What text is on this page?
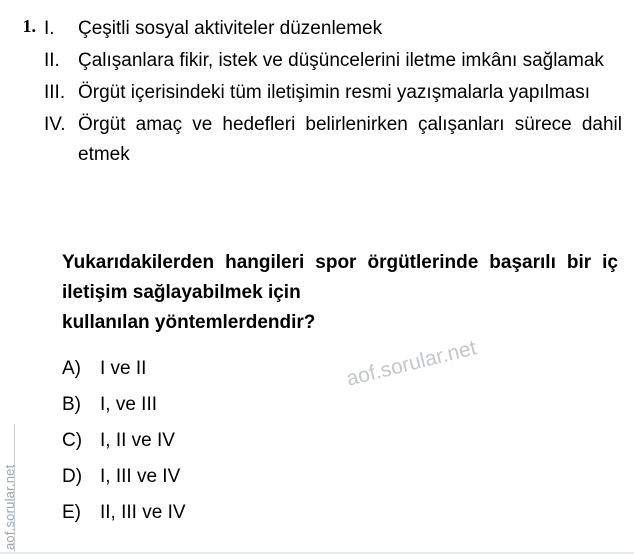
aof.sorular.net
1. I.	Çeşitli sosyal aktiviteler düzenlemek
II. Çalışanlara fikir, istek ve düşüncelerini iletme imkânı sağlamak
III. Örgüt içerisindeki tüm iletişimin resmi yazışmalarla yapılması
IV. Örgüt amaç ve hedefleri belirlenirken çalışanları sürece dahil etmek
Yukarıdakilerden hangileri spor örgütlerinde başarılı bir iç iletişim sağlayabilmek için
kullanılan yöntemlerdendir?
A)	I ve II
B)	I, ve III
C) I, II ve IV
D) I, III ve IV
E)	II, III ve IV
aof.sorular.net
